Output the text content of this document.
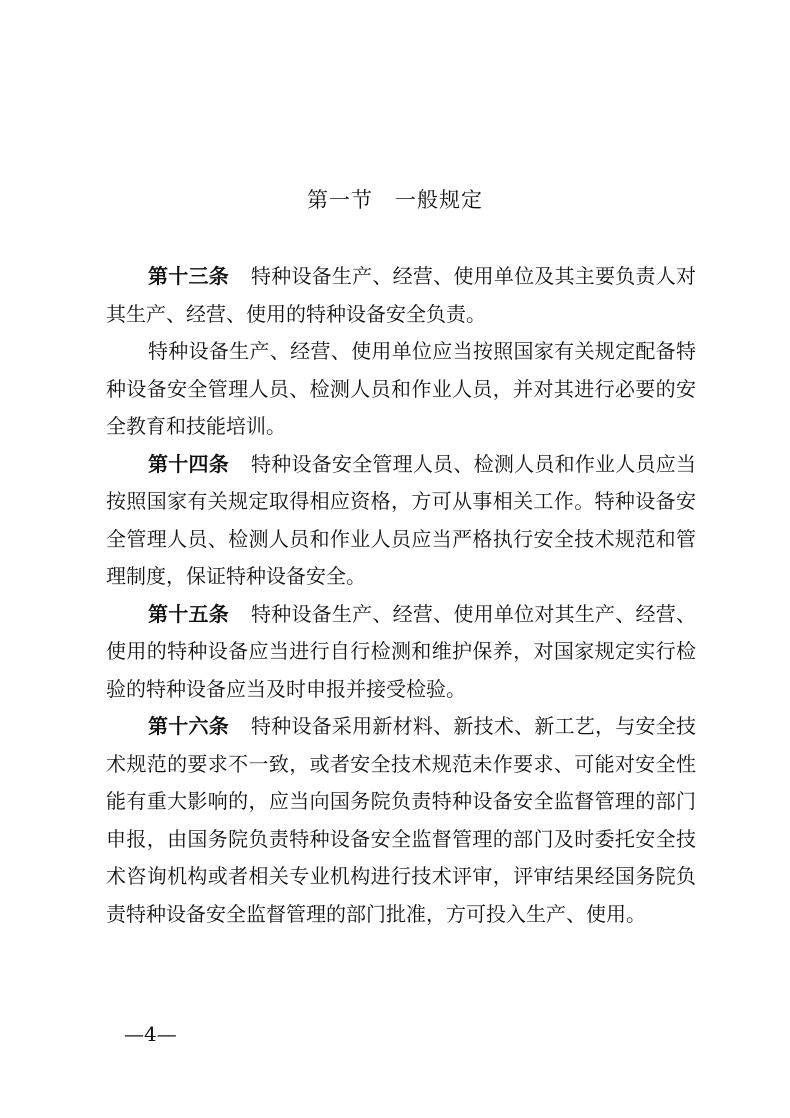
第一节　一般规定

第十三条 特种设备生产、经营、使用单位及其主要负责人对其生产、经营、使用的特种设备安全负责。

特种设备生产、经营、使用单位应当按照国家有关规定配备特种设备安全管理人员、检测人员和作业人员，并对其进行必要的安全教育和技能培训。

第十四条 特种设备安全管理人员、检测人员和作业人员应当按照国家有关规定取得相应资格，方可从事相关工作。特种设备安全管理人员、检测人员和作业人员应当严格执行安全技术规范和管理制度，保证特种设备安全。

第十五条 特种设备生产、经营、使用单位对其生产、经营、使用的特种设备应当进行自行检测和维护保养，对国家规定实行检验的特种设备应当及时申报并接受检验。

第十六条 特种设备采用新材料、新技术、新工艺，与安全技术规范的要求不一致，或者安全技术规范未作要求、可能对安全性能有重大影响的，应当向国务院负责特种设备安全监督管理的部门申报，由国务院负责特种设备安全监督管理的部门及时委托安全技术咨询机构或者相关专业机构进行技术评审，评审结果经国务院负责特种设备安全监督管理的部门批准，方可投入生产、使用。

—4—
